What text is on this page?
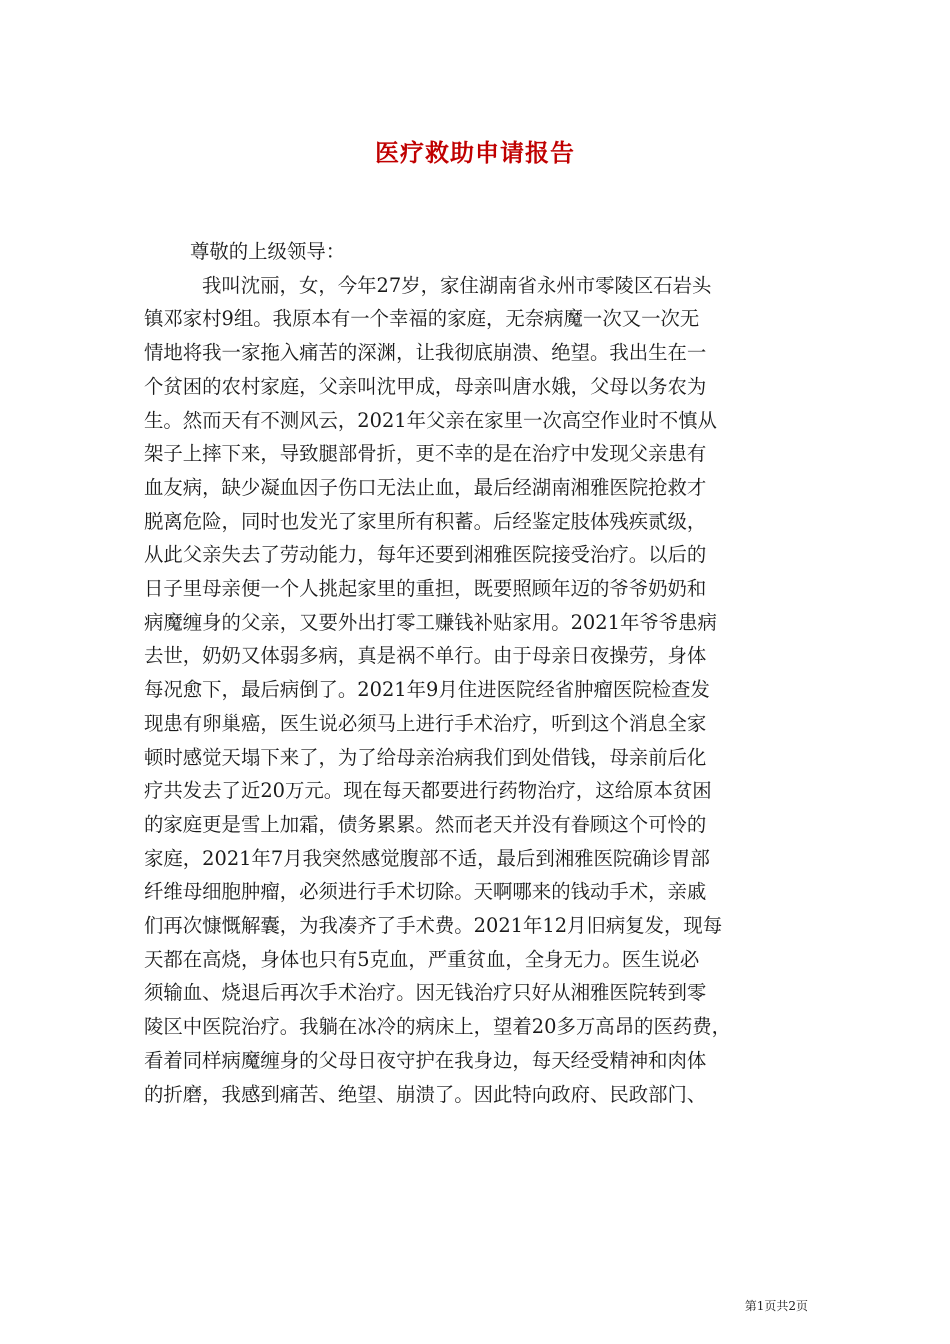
医疗救助申请报告
尊敬的上级领导：
我叫沈丽，女，今年27岁，家住湖南省永州市零陵区石岩头
镇邓家村9组。我原本有一个幸福的家庭，无奈病魔一次又一次无
情地将我一家拖入痛苦的深渊，让我彻底崩溃、绝望。我出生在一
个贫困的农村家庭，父亲叫沈甲成，母亲叫唐水娥，父母以务农为
生。然而天有不测风云，2021年父亲在家里一次高空作业时不慎从
架子上摔下来，导致腿部骨折，更不幸的是在治疗中发现父亲患有
血友病，缺少凝血因子伤口无法止血，最后经湖南湘雅医院抢救才
脱离危险，同时也发光了家里所有积蓄。后经鉴定肢体残疾贰级，
从此父亲失去了劳动能力，每年还要到湘雅医院接受治疗。以后的
日子里母亲便一个人挑起家里的重担，既要照顾年迈的爷爷奶奶和
病魔缠身的父亲，又要外出打零工赚钱补贴家用。2021年爷爷患病
去世，奶奶又体弱多病，真是祸不单行。由于母亲日夜操劳，身体
每况愈下，最后病倒了。2021年9月住进医院经省肿瘤医院检查发
现患有卵巢癌，医生说必须马上进行手术治疗，听到这个消息全家
顿时感觉天塌下来了，为了给母亲治病我们到处借钱，母亲前后化
疗共发去了近20万元。现在每天都要进行药物治疗，这给原本贫困
的家庭更是雪上加霜，债务累累。然而老天并没有眷顾这个可怜的
家庭，2021年7月我突然感觉腹部不适，最后到湘雅医院确诊胃部
纤维母细胞肿瘤，必须进行手术切除。天啊哪来的钱动手术，亲戚
们再次慷慨解囊，为我凑齐了手术费。2021年12月旧病复发，现每
天都在高烧，身体也只有5克血，严重贫血，全身无力。医生说必
须输血、烧退后再次手术治疗。因无钱治疗只好从湘雅医院转到零
陵区中医院治疗。我躺在冰冷的病床上，望着20多万高昂的医药费，
看着同样病魔缠身的父母日夜守护在我身边，每天经受精神和肉体
的折磨，我感到痛苦、绝望、崩溃了。因此特向政府、民政部门、
第1页共2页
